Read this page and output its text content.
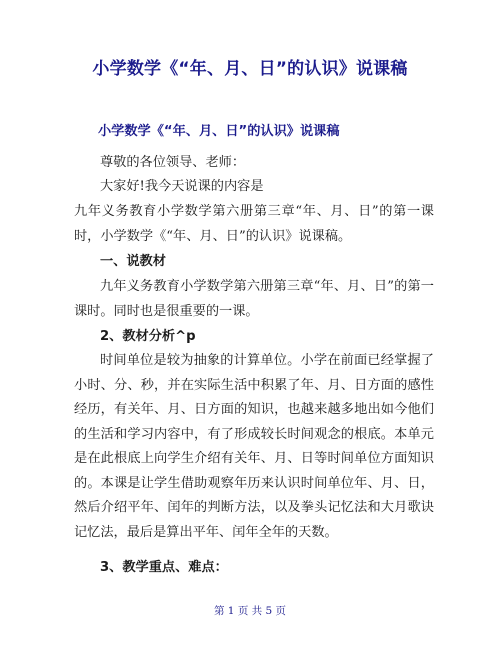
小学数学《“年、月、日”的认识》说课稿
小学数学《“年、月、日”的认识》说课稿
尊敬的各位领导、老师：
大家好!我今天说课的内容是
九年义务教育小学数学第六册第三章“年、月、日”的第一课时，小学数学《“年、月、日”的认识》说课稿。
一、说教材
九年义务教育小学数学第六册第三章“年、月、日”的第一课时。同时也是很重要的一课。
2、教材分析^p
时间单位是较为抽象的计算单位。小学在前面已经掌握了小时、分、秒，并在实际生活中积累了年、月、日方面的感性经历，有关年、月、日方面的知识，也越来越多地出如今他们的生活和学习内容中，有了形成较长时间观念的根底。本单元是在此根底上向学生介绍有关年、月、日等时间单位方面知识的。本课是让学生借助观察年历来认识时间单位年、月、日，然后介绍平年、闰年的判断方法，以及拳头记忆法和大月歌诀记忆法，最后是算出平年、闰年全年的天数。
3、教学重点、难点：
第 1 页 共 5 页
